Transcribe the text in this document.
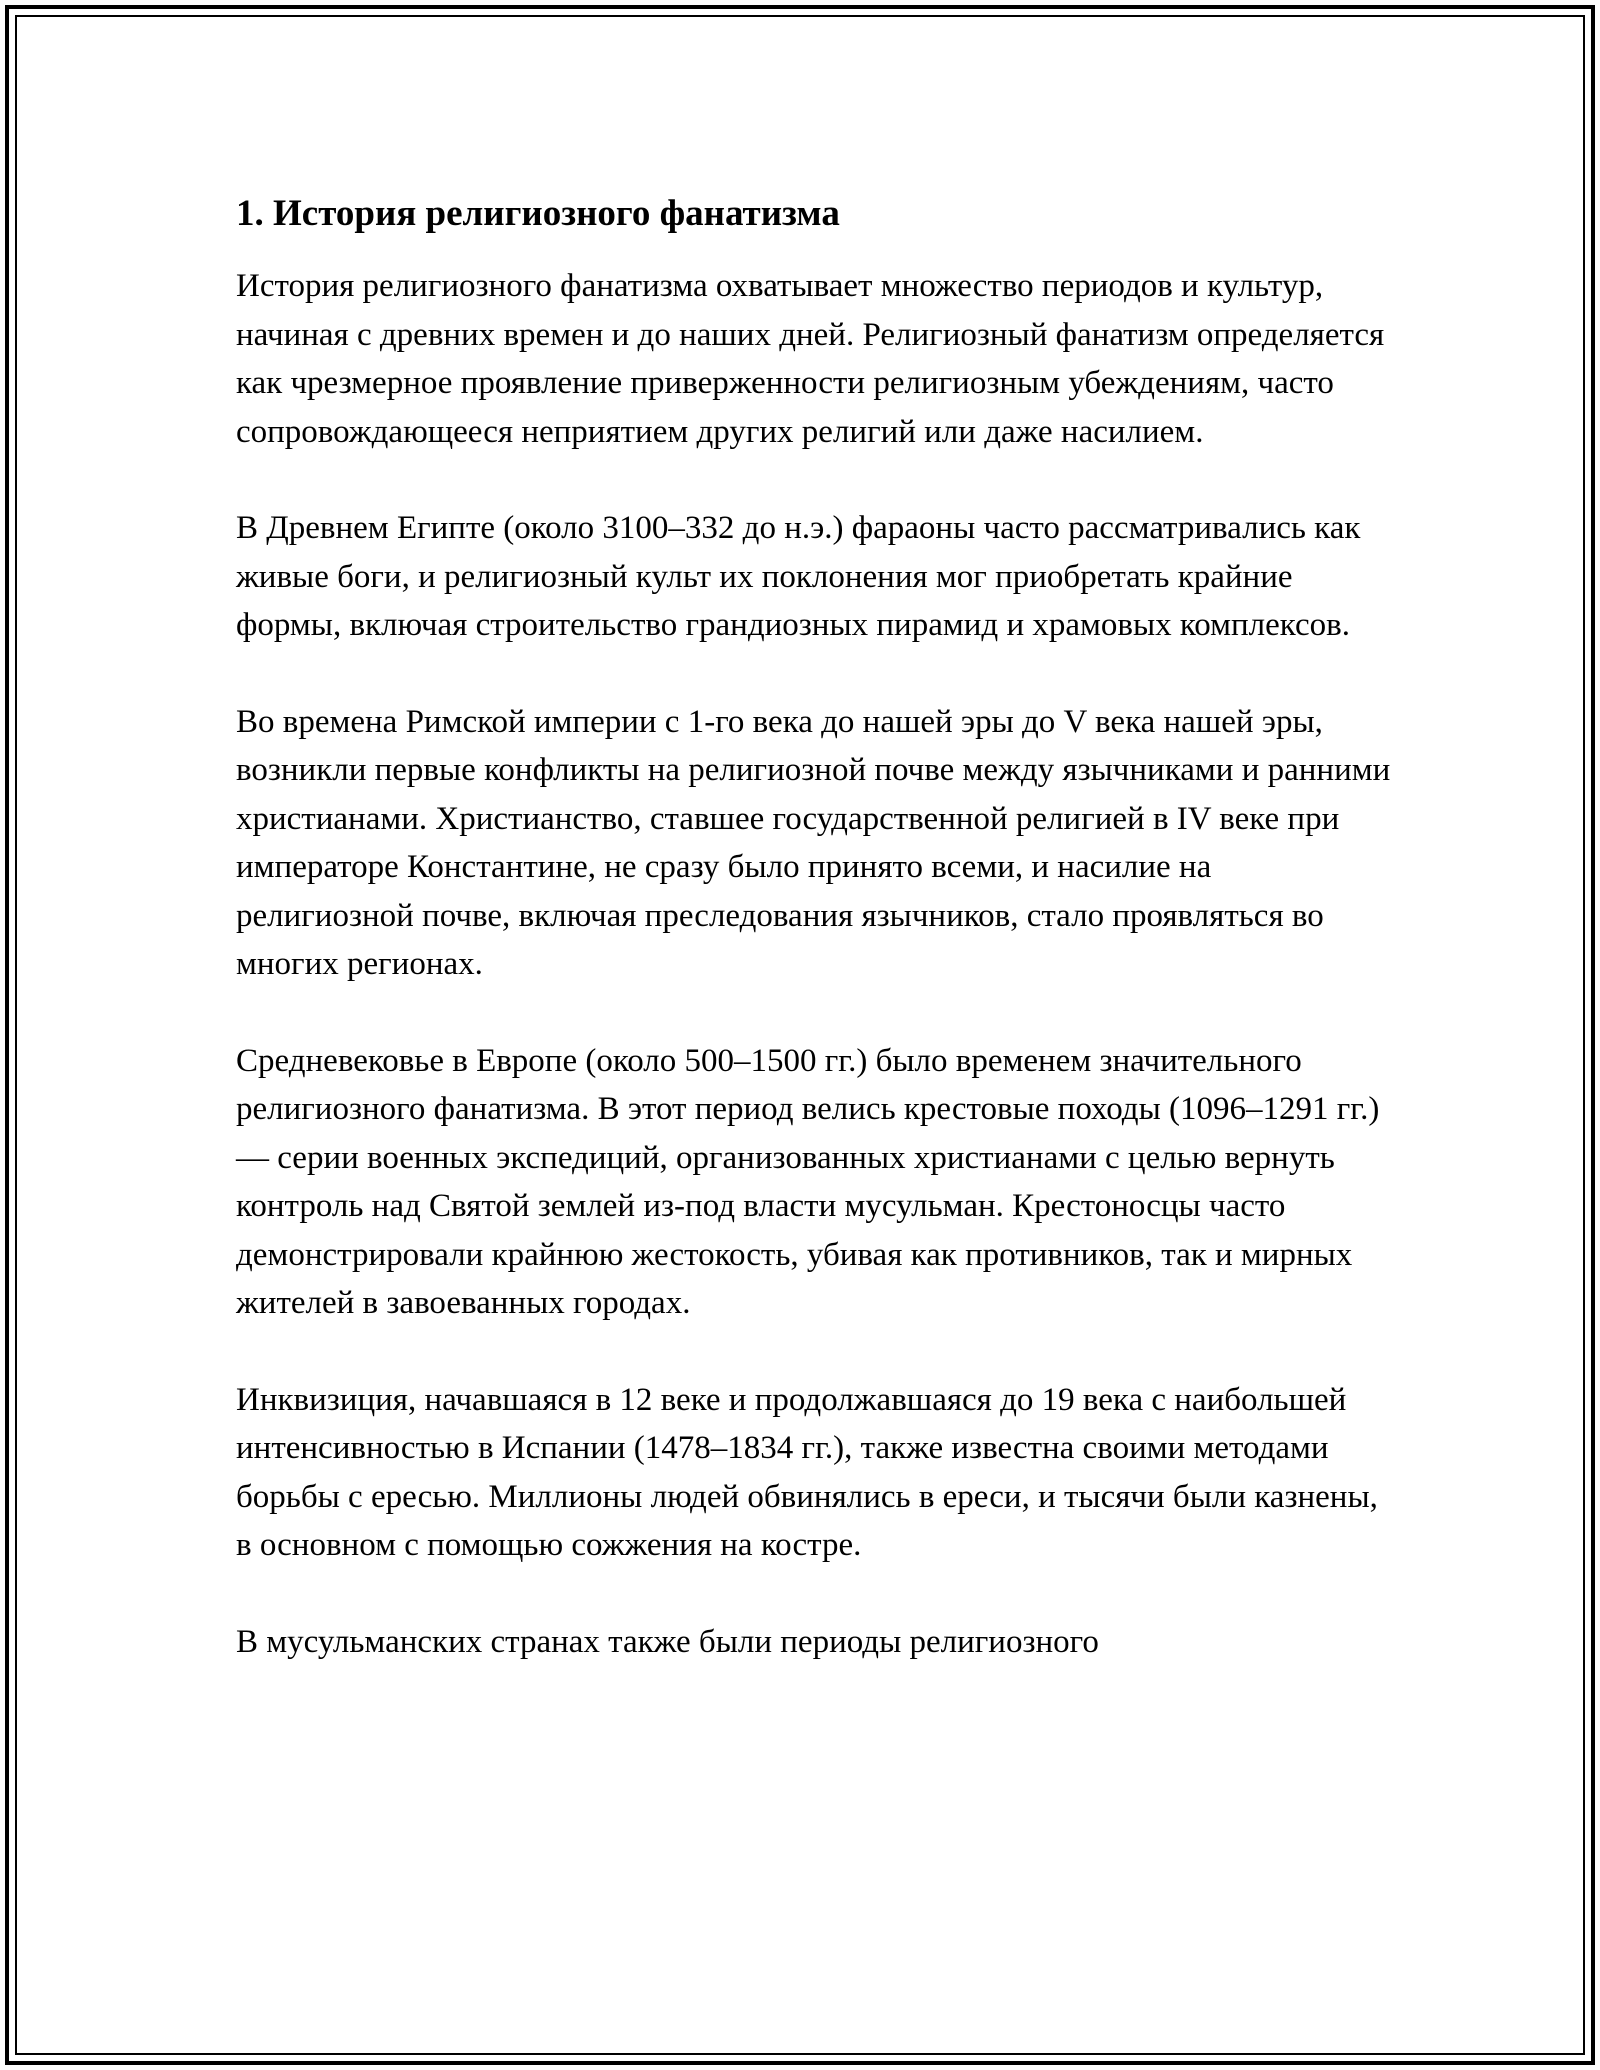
1. История религиозного фанатизма

История религиозного фанатизма охватывает множество периодов и культур, начиная с древних времен и до наших дней. Религиозный фанатизм определяется как чрезмерное проявление приверженности религиозным убеждениям, часто сопровождающееся неприятием других религий или даже насилием.

В Древнем Египте (около 3100–332 до н.э.) фараоны часто рассматривались как живые боги, и религиозный культ их поклонения мог приобретать крайние формы, включая строительство грандиозных пирамид и храмовых комплексов.

Во времена Римской империи с 1-го века до нашей эры до V века нашей эры, возникли первые конфликты на религиозной почве между язычниками и ранними христианами. Христианство, ставшее государственной религией в IV веке при императоре Константине, не сразу было принято всеми, и насилие на религиозной почве, включая преследования язычников, стало проявляться во многих регионах.

Средневековье в Европе (около 500–1500 гг.) было временем значительного религиозного фанатизма. В этот период велись крестовые походы (1096–1291 гг.) — серии военных экспедиций, организованных христианами с целью вернуть контроль над Святой землей из-под власти мусульман. Крестоносцы часто демонстрировали крайнюю жестокость, убивая как противников, так и мирных жителей в завоеванных городах.

Инквизиция, начавшаяся в 12 веке и продолжавшаяся до 19 века с наибольшей интенсивностью в Испании (1478–1834 гг.), также известна своими методами борьбы с ересью. Миллионы людей обвинялись в ереси, и тысячи были казнены, в основном с помощью сожжения на костре.

В мусульманских странах также были периоды религиозного
